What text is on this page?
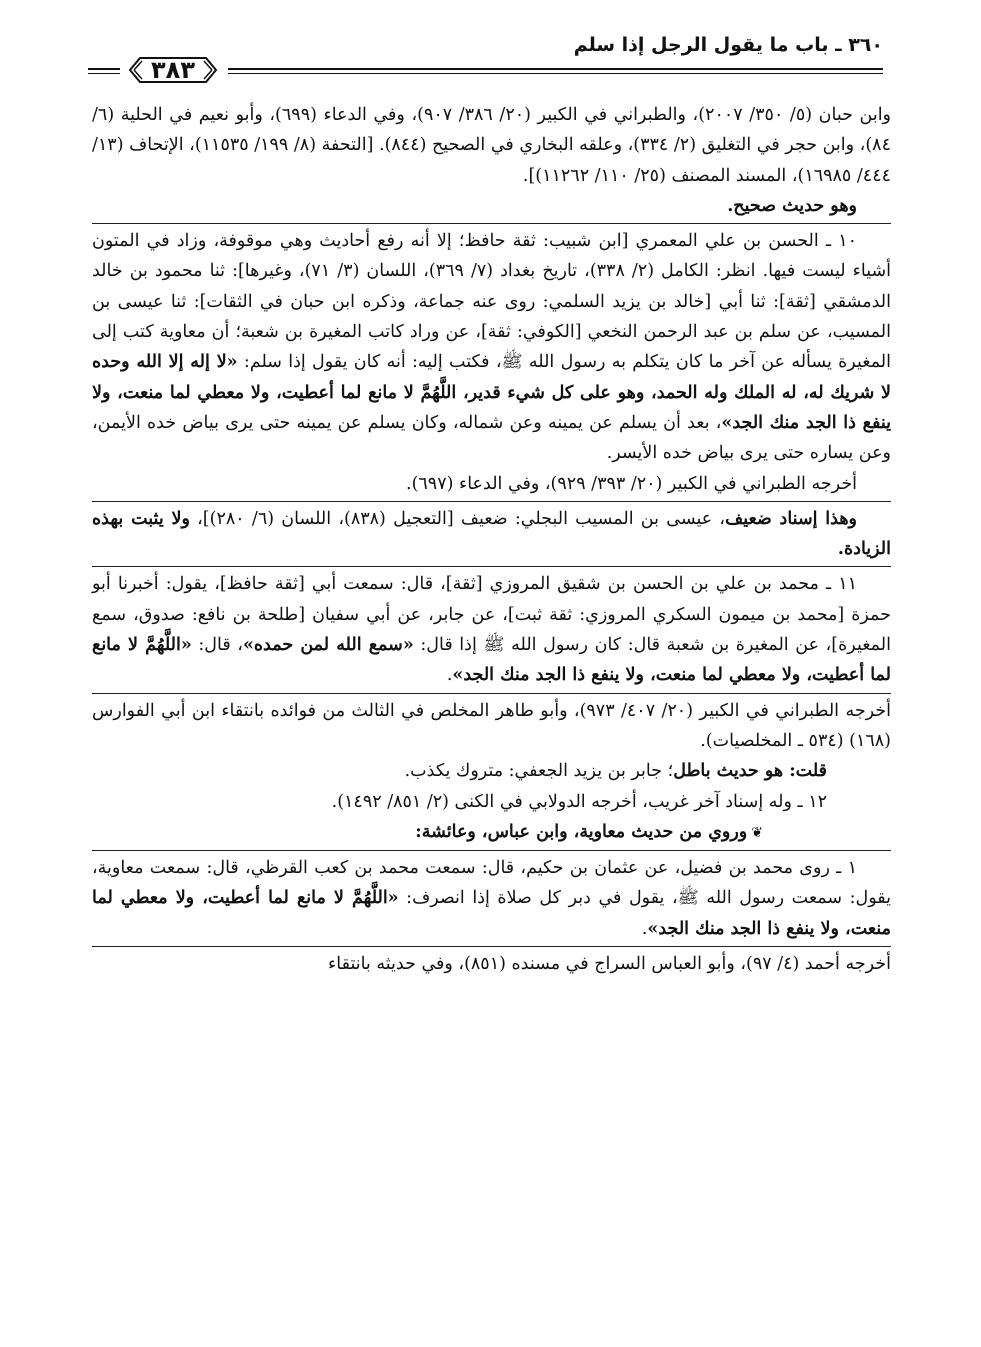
٣٦٠ ـ باب ما يقول الرجل إذا سلم
٣٨٣

وابن حبان (٥/ ٣٥٠/ ٢٠٠٧)، والطبراني في الكبير (٢٠/ ٣٨٦/ ٩٠٧)، وفي الدعاء (٦٩٩)، وأبو نعيم في الحلية (٦/ ٨٤)، وابن حجر في التغليق (٢/ ٣٣٤)، وعلقه البخاري في الصحيح (٨٤٤). [التحفة (٨/ ١٩٩/ ١١٥٣٥)، الإتحاف (١٣/ ٤٤٤/ ١٦٩٨٥)، المسند المصنف (٢٥/ ١١٠/ ١١٢٦٢)].

وهو حديث صحيح.

١٠ ـ الحسن بن علي المعمري [ابن شبيب: ثقة حافظ؛ إلا أنه رفع أحاديث وهي موقوفة، وزاد في المتون أشياء ليست فيها. انظر: الكامل (٢/ ٣٣٨)، تاريخ بغداد (٧/ ٣٦٩)، اللسان (٣/ ٧١)، وغيرها]: ثنا محمود بن خالد الدمشقي [ثقة]: ثنا أبي [خالد بن يزيد السلمي: روى عنه جماعة، وذكره ابن حبان في الثقات]: ثنا عيسى بن المسيب، عن سلم بن عبد الرحمن النخعي [الكوفي: ثقة]، عن وراد كاتب المغيرة بن شعبة؛ أن معاوية كتب إلى المغيرة يسأله عن آخر ما كان يتكلم به رسول الله ﷺ، فكتب إليه: أنه كان يقول إذا سلم: «لا إله إلا الله وحده لا شريك له، له الملك وله الحمد، وهو على كل شيء قدير، اللَّهُمَّ لا مانع لما أعطيت، ولا معطي لما منعت، ولا ينفع ذا الجد منك الجد»، بعد أن يسلم عن يمينه وعن شماله، وكان يسلم عن يمينه حتى يرى بياض خده الأيمن، وعن يساره حتى يرى بياض خده الأيسر.

أخرجه الطبراني في الكبير (٢٠/ ٣٩٣/ ٩٢٩)، وفي الدعاء (٦٩٧).

وهذا إسناد ضعيف، عيسى بن المسيب البجلي: ضعيف [التعجيل (٨٣٨)، اللسان (٦/ ٢٨٠)]، ولا يثبت بهذه الزيادة.

١١ ـ محمد بن علي بن الحسن بن شقيق المروزي [ثقة]، قال: سمعت أبي [ثقة حافظ]، يقول: أخبرنا أبو حمزة [محمد بن ميمون السكري المروزي: ثقة ثبت]، عن جابر، عن أبي سفيان [طلحة بن نافع: صدوق، سمع المغيرة]، عن المغيرة بن شعبة قال: كان رسول الله ﷺ إذا قال: «سمع الله لمن حمده»، قال: «اللَّهُمَّ لا مانع لما أعطيت، ولا معطي لما منعت، ولا ينفع ذا الجد منك الجد».

أخرجه الطبراني في الكبير (٢٠/ ٤٠٧/ ٩٧٣)، وأبو طاهر المخلص في الثالث من فوائده بانتقاء ابن أبي الفوارس (١٦٨) (٥٣٤ ـ المخلصيات).

قلت: هو حديث باطل؛ جابر بن يزيد الجعفي: متروك يكذب.

١٢ ـ وله إسناد آخر غريب، أخرجه الدولابي في الكنى (٢/ ٨٥١/ ١٤٩٢).

❦وروي من حديث معاوية، وابن عباس، وعائشة:

١ ـ روى محمد بن فضيل، عن عثمان بن حكيم، قال: سمعت محمد بن كعب القرظي، قال: سمعت معاوية، يقول: سمعت رسول الله ﷺ، يقول في دبر كل صلاة إذا انصرف: «اللَّهُمَّ لا مانع لما أعطيت، ولا معطي لما منعت، ولا ينفع ذا الجد منك الجد».

أخرجه أحمد (٤/ ٩٧)، وأبو العباس السراج في مسنده (٨٥١)، وفي حديثه بانتقاء
